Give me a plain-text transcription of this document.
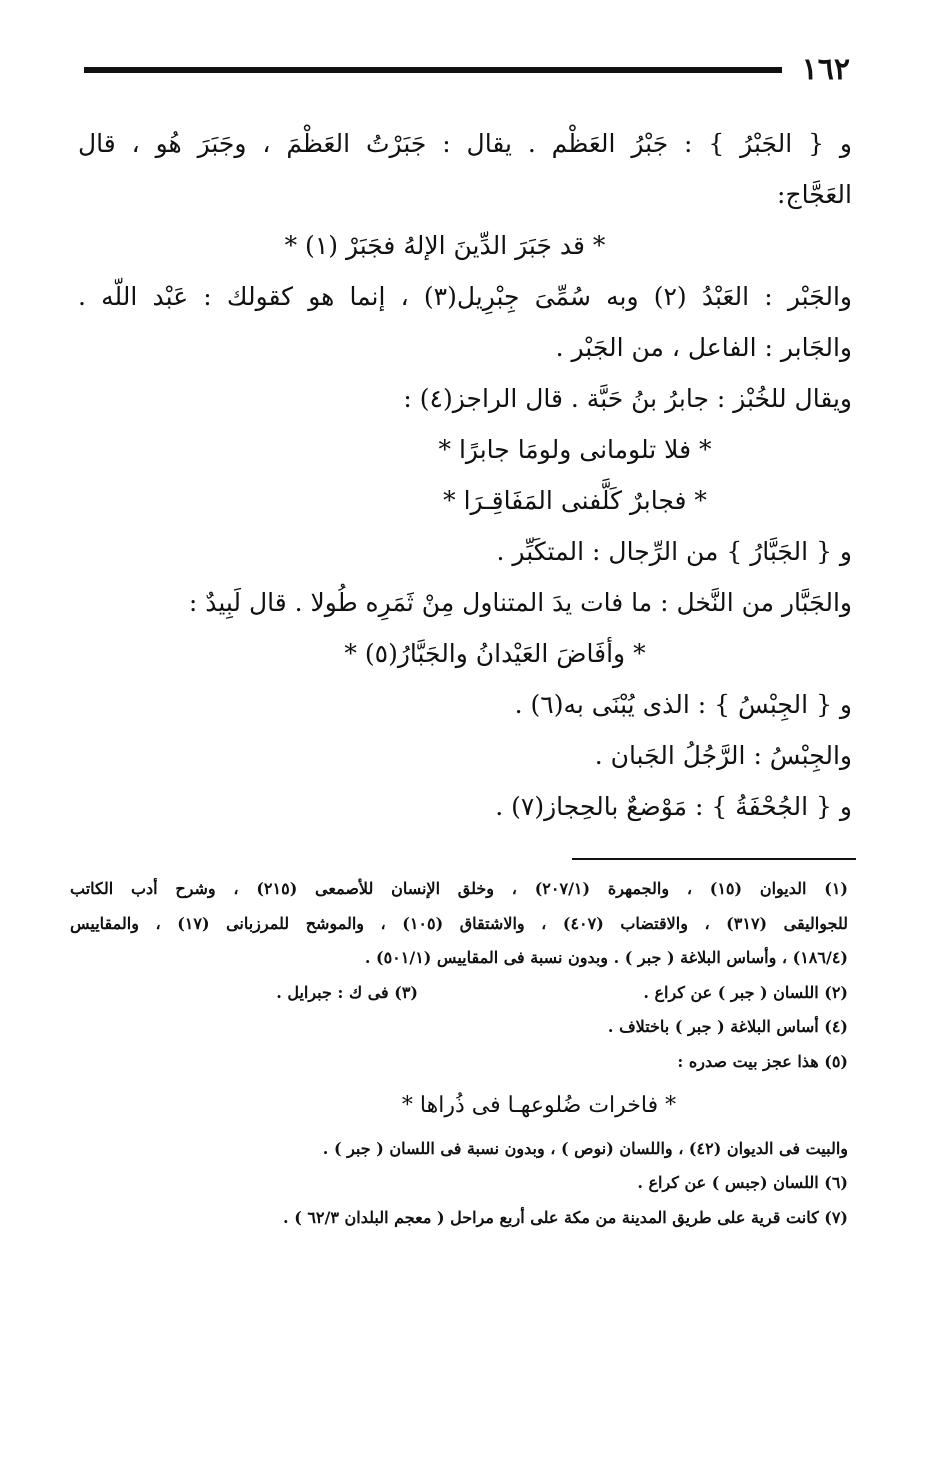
١٦٢
و { الجَبْرُ } : جَبْرُ العَظْم . يقال : جَبَرْتُ العَظْمَ ، وجَبَرَ هُو ، قال
العَجَّاج:
* قد جَبَرَ الدِّينَ الإلهُ فجَبَرْ (١) *
والجَبْر : العَبْدُ (٢) وبه سُمِّىَ جِبْرِيل(٣) ، إنما هو كقولك : عَبْد اللّه .
والجَابر : الفاعل ، من الجَبْر .
ويقال للخُبْز : جابرُ بنُ حَبَّة . قال الراجز(٤) :
* فلا تلومانى ولومَا جابرًا *
* فجابرٌ كَلَّفنى المَفَاقِـرَا *
و { الجَبَّارُ } من الرِّجال : المتكَبِّر .
والجَبَّار من النَّخل : ما فات يدَ المتناول مِنْ ثَمَرِه طُولا . قال لَبِيدٌ :
* وأفَاضَ العَيْدانُ والجَبَّارُ(٥) *
و { الجِبْسُ } : الذى يُبْنَى به(٦) .
والجِبْسُ : الرَّجُلُ الجَبان .
و { الجُحْفَةُ } : مَوْضعٌ بالحِجاز(٧) .
(١) الديوان (١٥) ، والجمهرة (٢٠٧/١) ، وخلق الإنسان للأصمعى (٢١٥) ، وشرح أدب الكاتب
للجواليقى (٣١٧) ، والاقتضاب (٤٠٧) ، والاشتقاق (١٠٥) ، والموشح للمرزبانى (١٧) ، والمقاييس
(١٨٦/٤) ، وأساس البلاغة ( جبر ) . وبدون نسبة فى المقاييس (٥٠١/١) .
(٢) اللسان ( جبر ) عن كراع .
(٣) فى ك : جبرايل .
(٤) أساس البلاغة ( جبر ) باختلاف .
(٥) هذا عجز بيت صدره :
* فاخرات ضُلوعهـا فى ذُراها *
والبيت فى الديوان (٤٢) ، واللسان (نوص ) ، وبدون نسبة فى اللسان ( جبر ) .
(٦) اللسان (جبس ) عن كراع .
(٧) كانت قرية على طريق المدينة من مكة على أربع مراحل ( معجم البلدان ٦٢/٣ ) .
